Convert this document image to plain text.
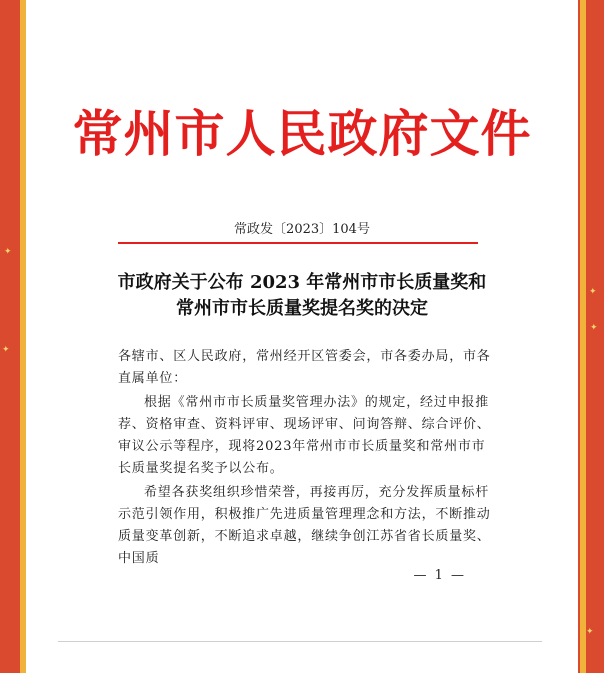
✦
✦
✦
✦
✦
常州市人民政府文件
常政发〔2023〕104号
市政府关于公布 2023 年常州市市长质量奖和
常州市市长质量奖提名奖的决定

各辖市、区人民政府，常州经开区管委会，市各委办局，市各直属单位：

根据《常州市市长质量奖管理办法》的规定，经过申报推荐、资格审查、资料评审、现场评审、问询答辩、综合评价、审议公示等程序，现将2023年常州市市长质量奖和常州市市长质量奖提名奖予以公布。

希望各获奖组织珍惜荣誉，再接再厉，充分发挥质量标杆示范引领作用，积极推广先进质量管理理念和方法，不断推动质量变革创新，不断追求卓越，继续争创江苏省省长质量奖、中国质

— 1 —
